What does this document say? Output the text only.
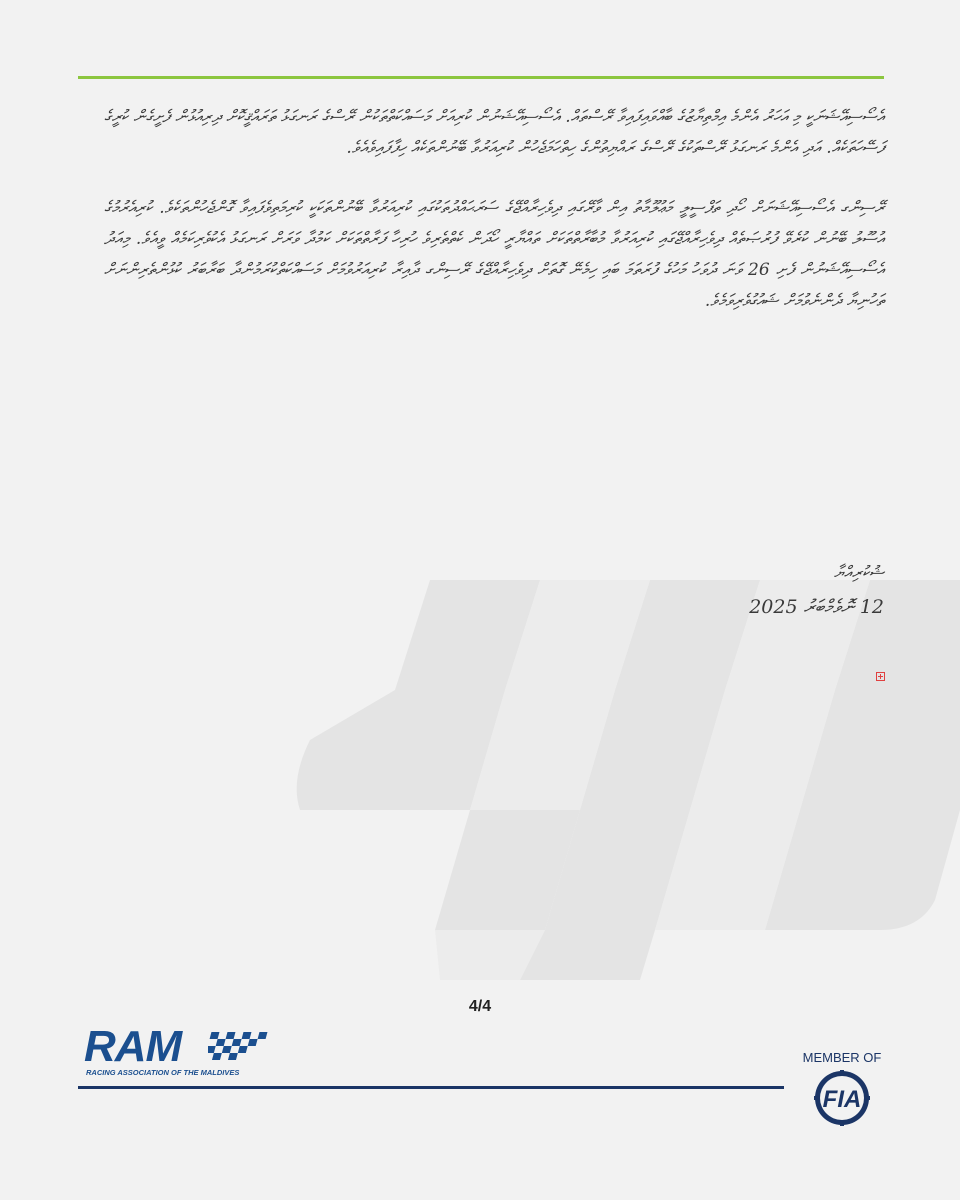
އެސޯސިއޭޝަނަކީ މި އަހަރު އެންމެ އިމްތިޔާޒުގެ ބާއްވައިފައިވާ ރޭސްތައް. އެސޯސިއޭޝަނުން ކުރިއަށް މަސައްކަތްތަކުން ރޭސްގެ ރަނގަޅު ތަރައްޤީކޮށް ދިރިއުޅުން ފެށީގެން ކުރީގެ ފަސޭހަތަކެއް. އަދި އެންމެ ރަނގަޅު ރޭސްތަކުގެ ރޭސްގެ ރައްޔިތުންގެ ހިތްހަމަޖެހުން ކުރިއަރުވާ ބޭނުންތަކެއް ހިފާފައިވެއެވެ.

ރޭސިންގ އެސޯސިއޭޝަނަށް ހޯދި ތަފްސީލީ މަޢުލޫމާތު އިން ވާރޭގައި ދިވެހިރާއްޖޭގެ ސަރަޙައްދުތަކުގައި ކުރިއަރުވާ ބޭނުންތަކަކީ ކުރިމަތިވެފައިވާ ގޮންޖެހުންތަކެވެ. ކުރިއެރުމުގެ އުސޫލު ބޭނުން ކުރެވޭ ފުރުޞަތެއް ދިވެހިރާއްޖޭގައި ކުރިއަރުވާ މުބާރާތްތަކަށް ތައްޔާރީ ހޯދަން ކެތްތެރިވެ ހުރިހާ ފަރާތްތަކަށް ކަމުދާ ވަރަށް ރަނގަޅު އެކުވެރިކަމެއް ވީއެވެ. މިއަދު އެސޯސިއޭޝަނުން ފެށި 26 ވަނަ ދުވަހު މަހުގެ ފުރަތަމަ ބައި ހިމެނޭ ގޮތަށް ދިވެހިރާއްޖޭގެ ރޭސިންގ ދާއިރާ ކުރިއަރުވުމަށް މަސައްކަތްކުރަމުންދާ ބަރާބަރު ކުޅުންތެރިންނަށް ތަހުނިޔާ ދެންނެވުމަށް ޝައުގުވެރިވަމެވެ.

ޝުކުރިއްޔާ
12 ނޮވެމްބަރު 2025
4/4
RAM
RACING ASSOCIATION OF THE MALDIVES
MEMBER OF
FIA
